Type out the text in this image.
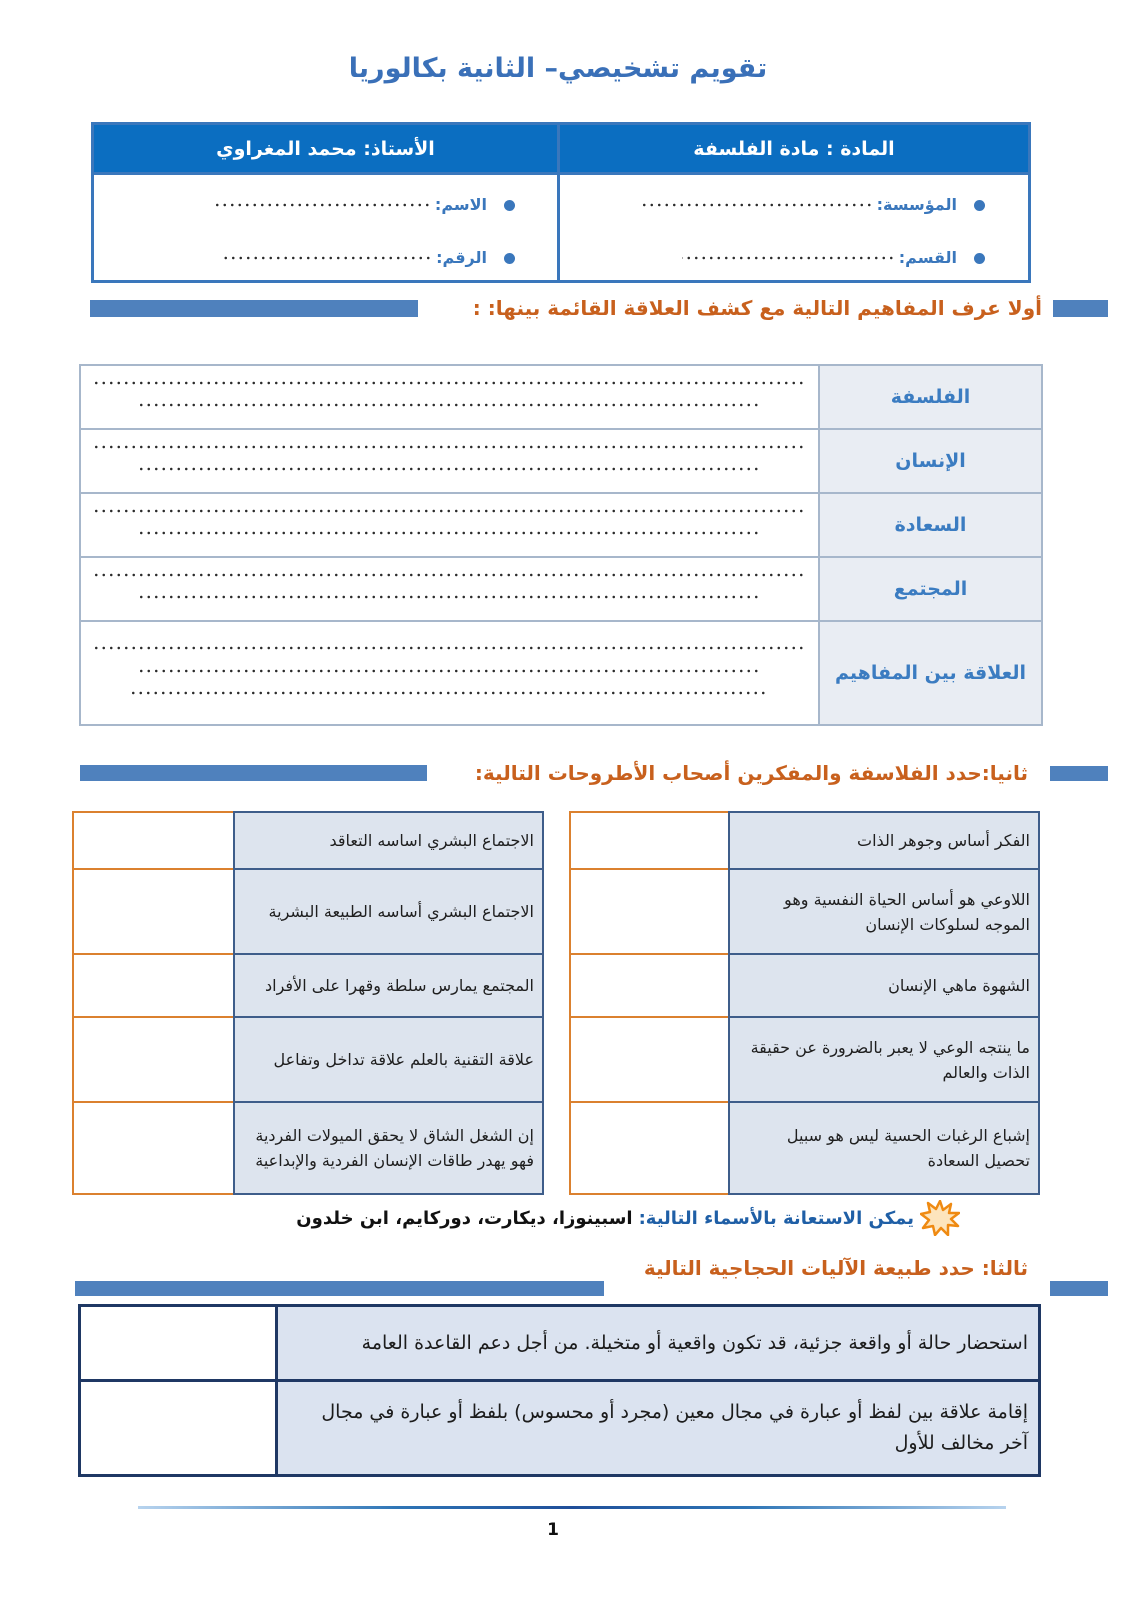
تقويم تشخيصي– الثانية بكالوريا
الأستاذ: محمد المغراوي	المادة : مادة الفلسفة
المؤسسة:
القسم:
الاسم:
الرقم:
أولا عرف المفاهيم التالية مع كشف العلاقة القائمة بينها: :
الفلسفة
الإنسان
السعادة
المجتمع
العلاقة بين المفاهيم
ثانيا:حدد الفلاسفة والمفكرين أصحاب الأطروحات التالية:
الفكر أساس وجوهر الذات
اللاوعي هو أساس الحياة النفسية وهو الموجه لسلوكات الإنسان
الشهوة ماهي الإنسان
ما ينتجه الوعي لا يعبر بالضرورة عن حقيقة الذات والعالم
إشباع الرغبات الحسية ليس هو سبيل تحصيل السعادة
الاجتماع البشري اساسه التعاقد
الاجتماع البشري أساسه الطبيعة البشرية
المجتمع يمارس سلطة وقهرا على الأفراد
علاقة التقنية بالعلم علاقة تداخل وتفاعل
إن الشغل الشاق لا يحقق الميولات الفردية فهو يهدر طاقات الإنسان الفردية والإبداعية
يمكن الاستعانة بالأسماء التالية:
اسبينوزا، ديكارت، دوركايم، ابن خلدون
ثالثا: حدد طبيعة الآليات الحجاجية التالية
استحضار حالة أو واقعة جزئية، قد تكون واقعية أو متخيلة. من أجل دعم القاعدة العامة
إقامة علاقة بين لفظ أو عبارة في مجال معين (مجرد أو محسوس) بلفظ أو عبارة في مجال آخر مخالف للأول
1
